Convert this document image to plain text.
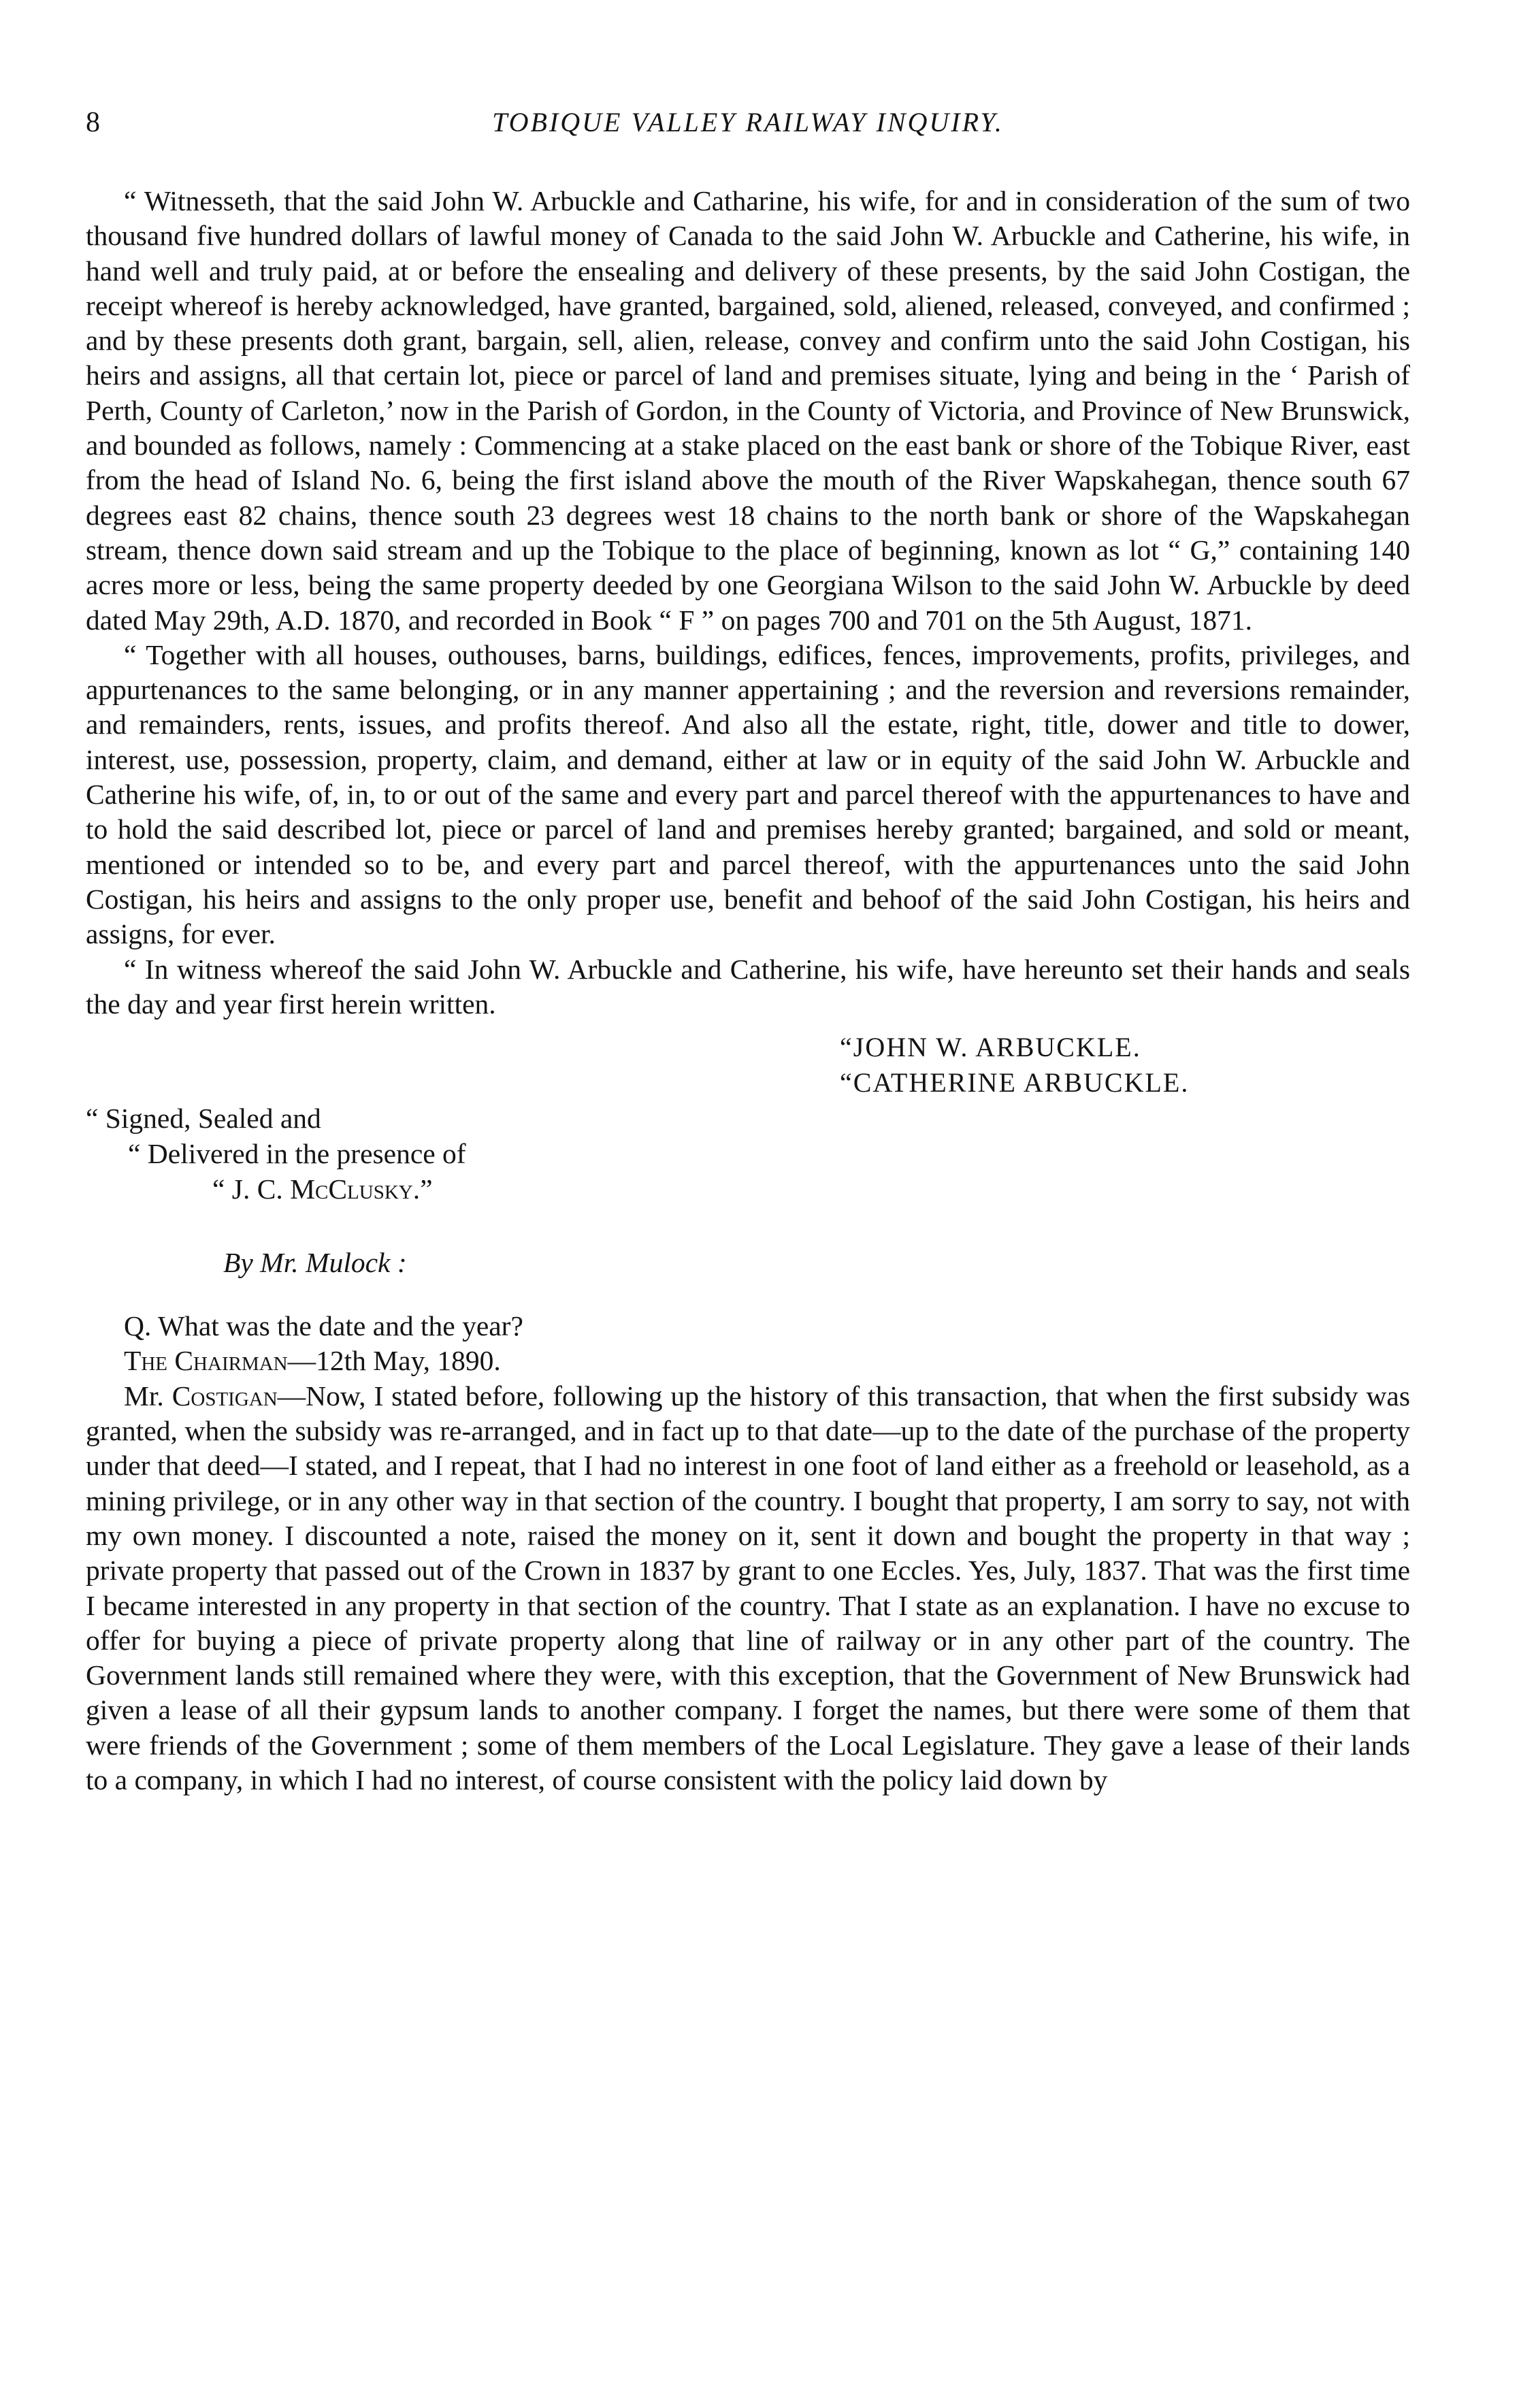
8	TOBIQUE VALLEY RAILWAY INQUIRY.

“ Witnesseth, that the said John W. Arbuckle and Catharine, his wife, for and in consideration of the sum of two thousand five hundred dollars of lawful money of Canada to the said John W. Arbuckle and Catherine, his wife, in hand well and truly paid, at or before the ensealing and delivery of these presents, by the said John Costigan, the receipt whereof is hereby acknowledged, have granted, bargained, sold, aliened, released, conveyed, and confirmed ; and by these presents doth grant, bargain, sell, alien, release, convey and confirm unto the said John Costigan, his heirs and assigns, all that certain lot, piece or parcel of land and premises situate, lying and being in the ‘ Parish of Perth, County of Carleton,’ now in the Parish of Gordon, in the County of Victoria, and Province of New Brunswick, and bounded as follows, namely : Commencing at a stake placed on the east bank or shore of the Tobique River, east from the head of Island No. 6, being the first island above the mouth of the River Wapskahegan, thence south 67 degrees east 82 chains, thence south 23 degrees west 18 chains to the north bank or shore of the Wapskahegan stream, thence down said stream and up the Tobique to the place of beginning, known as lot “ G,” containing 140 acres more or less, being the same property deeded by one Georgiana Wilson to the said John W. Arbuckle by deed dated May 29th, A.D. 1870, and recorded in Book “ F ” on pages 700 and 701 on the 5th August, 1871.

“ Together with all houses, outhouses, barns, buildings, edifices, fences, improvements, profits, privileges, and appurtenances to the same belonging, or in any manner appertaining ; and the reversion and reversions remainder, and remainders, rents, issues, and profits thereof. And also all the estate, right, title, dower and title to dower, interest, use, possession, property, claim, and demand, either at law or in equity of the said John W. Arbuckle and Catherine his wife, of, in, to or out of the same and every part and parcel thereof with the appurtenances to have and to hold the said described lot, piece or parcel of land and premises hereby granted; bargained, and sold or meant, mentioned or intended so to be, and every part and parcel thereof, with the appurtenances unto the said John Costigan, his heirs and assigns to the only proper use, benefit and behoof of the said John Costigan, his heirs and assigns, for ever.

“ In witness whereof the said John W. Arbuckle and Catherine, his wife, have hereunto set their hands and seals the day and year first herein written.

“JOHN W. ARBUCKLE.
“CATHERINE ARBUCKLE.
“ Signed, Sealed and
“ Delivered in the presence of
“ J. C. McClusky.”
By Mr. Mulock :
Q. What was the date and the year?
The Chairman—12th May, 1890.

Mr. Costigan—Now, I stated before, following up the history of this transaction, that when the first subsidy was granted, when the subsidy was re-arranged, and in fact up to that date—up to the date of the purchase of the property under that deed—I stated, and I repeat, that I had no interest in one foot of land either as a freehold or leasehold, as a mining privilege, or in any other way in that section of the country. I bought that property, I am sorry to say, not with my own money. I discounted a note, raised the money on it, sent it down and bought the property in that way ; private property that passed out of the Crown in 1837 by grant to one Eccles. Yes, July, 1837. That was the first time I became interested in any property in that section of the country. That I state as an explanation. I have no excuse to offer for buying a piece of private property along that line of railway or in any other part of the country. The Government lands still remained where they were, with this exception, that the Government of New Brunswick had given a lease of all their gypsum lands to another company. I forget the names, but there were some of them that were friends of the Government ; some of them members of the Local Legislature. They gave a lease of their lands to a company, in which I had no interest, of course consistent with the policy laid down by
